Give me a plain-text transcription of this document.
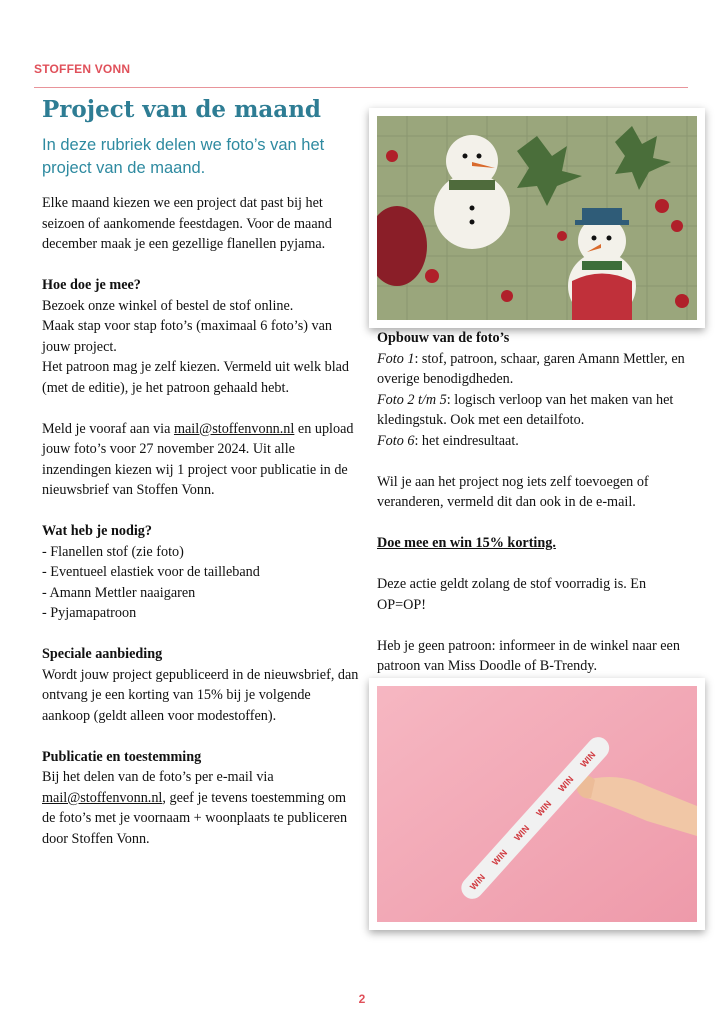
STOFFEN VONN
Project van de maand

In deze rubriek delen we foto’s van het project van de maand.

Elke maand kiezen we een project dat past bij het seizoen of aankomende feestdagen. Voor de maand december maak je een gezellige flanellen pyjama.

Hoe doe je mee?

Bezoek onze winkel of bestel de stof online.
Maak stap voor stap foto’s (maximaal 6 foto’s) van jouw project.
Het patroon mag je zelf kiezen. Vermeld uit welk blad (met de editie), je het patroon gehaald hebt.

Meld je vooraf aan via mail@stoffenvonn.nl en upload jouw foto’s voor 27 november 2024. Uit alle inzendingen kiezen wij 1 project voor publicatie in de nieuwsbrief van Stoffen Vonn.

Wat heb je nodig?
- Flanellen stof (zie foto)
- Eventueel elastiek voor de tailleband
- Amann Mettler naaigaren
- Pyjamapatroon
Speciale aanbieding

Wordt jouw project gepubliceerd in de nieuwsbrief, dan ontvang je een korting van 15% bij je volgende aankoop (geldt alleen voor modestoffen).

Publicatie en toestemming

Bij het delen van de foto’s per e-mail via mail@stoffenvonn.nl, geef je tevens toestemming om de foto’s met je voornaam + woonplaats te publiceren door Stoffen Vonn.

Opbouw van de foto’s

Foto 1: stof, patroon, schaar, garen Amann Mettler, en overige benodigdheden.
Foto 2 t/m 5: logisch verloop van het maken van het kledingstuk. Ook met een detailfoto.
Foto 6: het eindresultaat.

Wil je aan het project nog iets zelf toevoegen of veranderen, vermeld dit dan ook in de e-mail.

Doe mee en win 15% korting.

Deze actie geldt zolang de stof voorradig is. En OP=OP!

Heb je geen patroon: informeer in de winkel naar een patroon van Miss Doodle of B-Trendy.

WIN
WIN
WIN
WIN
WIN
WIN
2
